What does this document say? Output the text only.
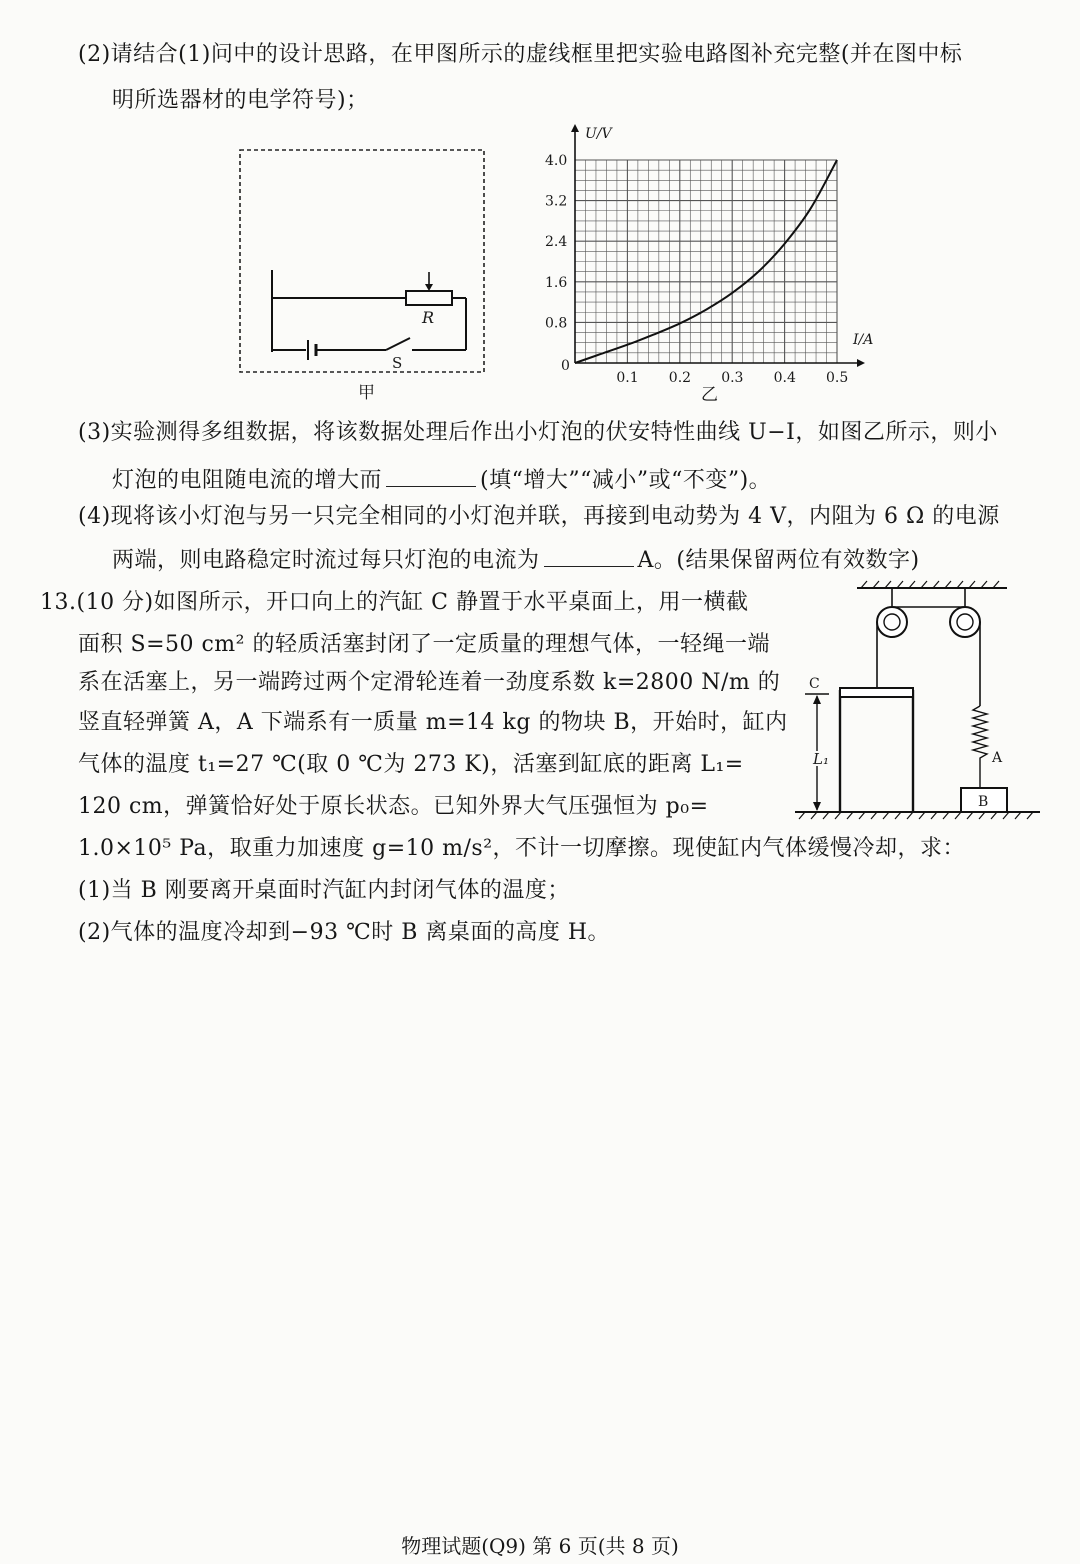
(2)请结合(1)问中的设计思路，在甲图所示的虚线框里把实验电路图补充完整(并在图中标
明所选器材的电学符号)；
R
S
甲
U/V
I/A
0
0.1 0.2 0.3 0.4 0.5
0.8
1.6
2.4
3.2
4.0
乙
(3)实验测得多组数据，将该数据处理后作出小灯泡的伏安特性曲线 U−I，如图乙所示，则小
灯泡的电阻随电流的增大而	(填“增大”“减小”或“不变”)。
(4)现将该小灯泡与另一只完全相同的小灯泡并联，再接到电动势为 4 V，内阻为 6 Ω 的电源
两端，则电路稳定时流过每只灯泡的电流为	A。(结果保留两位有效数字)
13.(10 分)如图所示，开口向上的汽缸 C 静置于水平桌面上，用一横截
面积 S=50 cm² 的轻质活塞封闭了一定质量的理想气体，一轻绳一端
系在活塞上，另一端跨过两个定滑轮连着一劲度系数 k=2800 N/m 的
竖直轻弹簧 A，A 下端系有一质量 m=14 kg 的物块 B，开始时，缸内
气体的温度 t₁=27 ℃(取 0 ℃为 273 K)，活塞到缸底的距离 L₁=
120 cm，弹簧恰好处于原长状态。已知外界大气压强恒为 p₀=
1.0×10⁵ Pa，取重力加速度 g=10 m/s²，不计一切摩擦。现使缸内气体缓慢冷却，求：
(1)当 B 刚要离开桌面时汽缸内封闭气体的温度；
(2)气体的温度冷却到−93 ℃时 B 离桌面的高度 H。
C
L₁	A
B
物理试题(Q9) 第 6 页(共 8 页)
